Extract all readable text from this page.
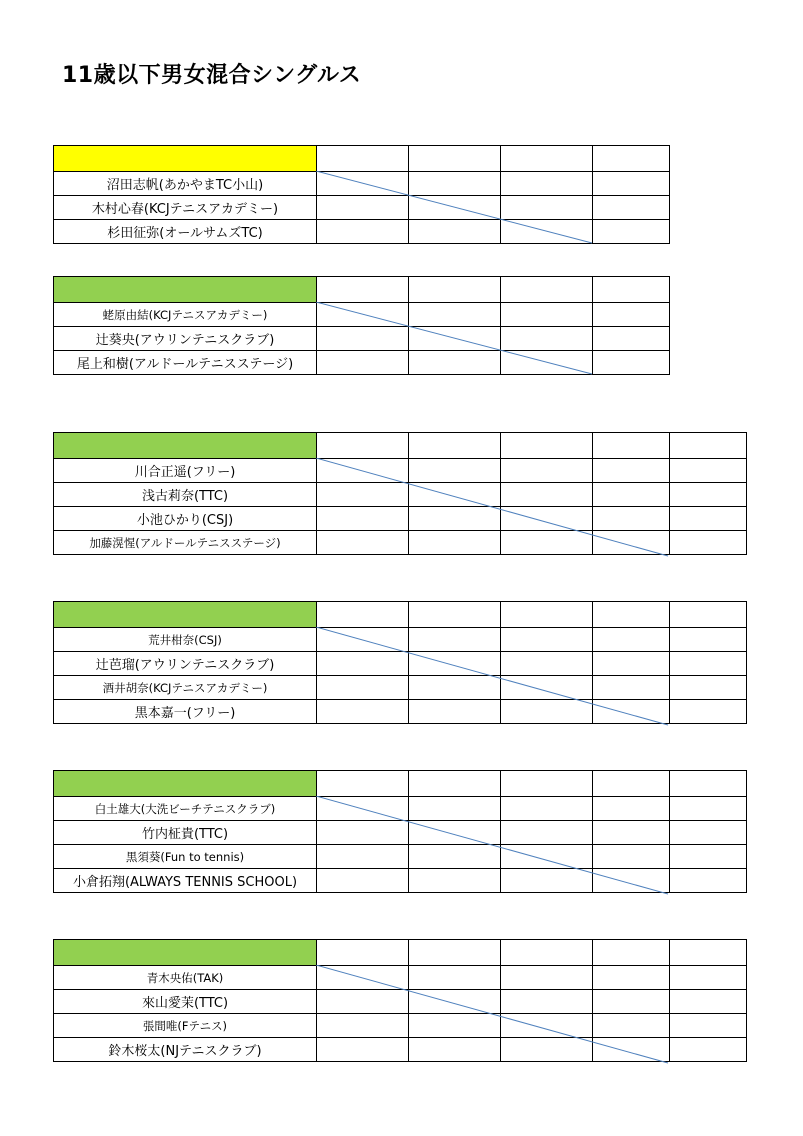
11歳以下男女混合シングルス

沼田志帆(あかやまTC小山)				
木村心春(KCJテニスアカデミー)				
杉田征弥(オールサムズTC)				

蛯原由結(KCJテニスアカデミー)				
辻葵央(アウリンテニスクラブ)				
尾上和樹(アルドールテニスステージ)				

川合正遥(フリー)					
浅古莉奈(TTC)					
小池ひかり(CSJ)					
加藤滉惺(アルドールテニスステージ)					

荒井柑奈(CSJ)					
辻芭瑠(アウリンテニスクラブ)					
酒井胡奈(KCJテニスアカデミー)					
黒本嘉一(フリー)					

白土雄大(大洗ビーチテニスクラブ)					
竹内柾貴(TTC)					
黒須葵(Fun to tennis)					
小倉拓翔(ALWAYS TENNIS SCHOOL)					

青木央佑(TAK)					
來山愛茉(TTC)					
張間唯(Fテニス)					
鈴木桜太(NJテニスクラブ)					
